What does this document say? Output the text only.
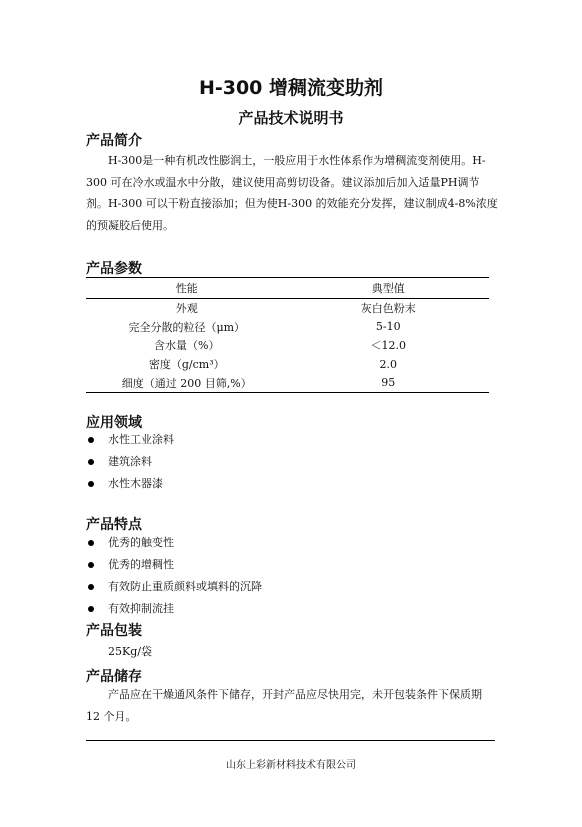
H-300 增稠流变助剂
产品技术说明书
产品简介

H-300是一种有机改性膨润土，一般应用于水性体系作为增稠流变剂使用。H-300 可在冷水或温水中分散，建议使用高剪切设备。建议添加后加入适量PH调节剂。H-300 可以干粉直接添加；但为使H-300 的效能充分发挥，建议制成4-8%浓度的预凝胶后使用。

产品参数
性能	典型值
外观	灰白色粉末
完全分散的粒径（μm）	5-10
含水量（%）	＜12.0
密度（g/cm³）	2.0
细度（通过 200 目筛,%）	95
应用领域
水性工业涂料
建筑涂料
水性木器漆
产品特点
优秀的触变性
优秀的增稠性
有效防止重质颜料或填料的沉降
有效抑制流挂
产品包装
25Kg/袋
产品储存

产品应在干燥通风条件下储存，开封产品应尽快用完，未开包装条件下保质期 12 个月。

山东上彩新材料技术有限公司
